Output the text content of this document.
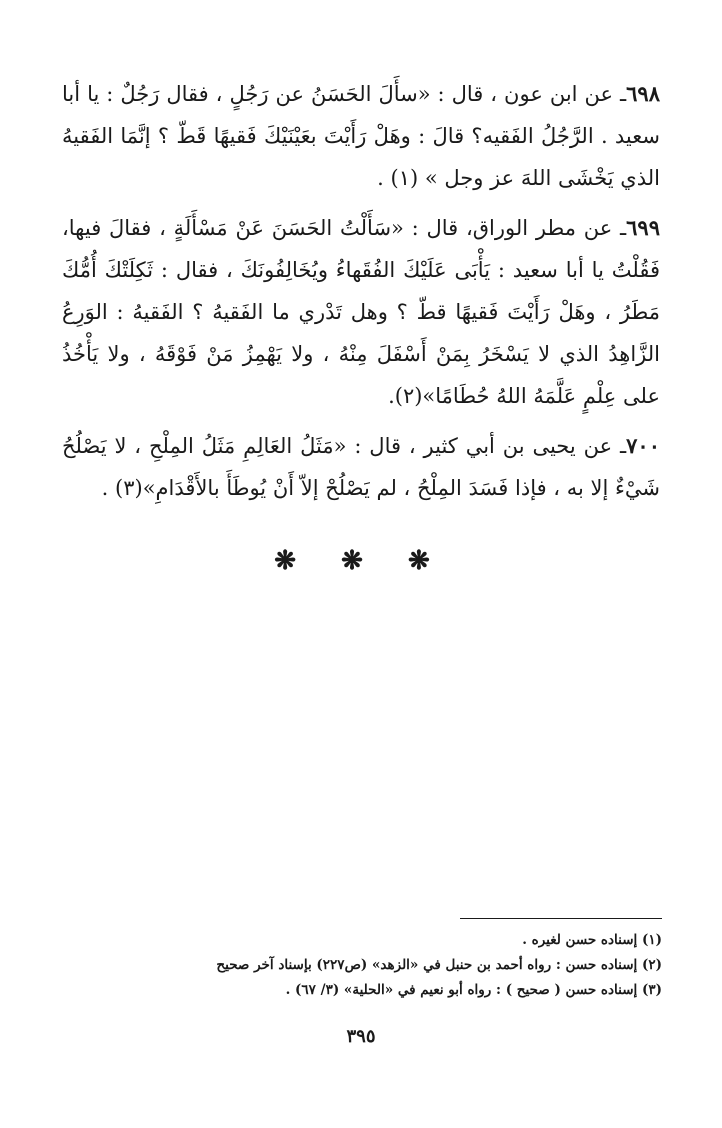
٦٩٨ـ عن ابن عون ، قال : «سأَلَ الحَسَنُ عن رَجُلٍ ، فقال رَجُلٌ : يا أبا سعيد . الرَّجُلُ الفَقيه؟ قالَ : وهَلْ رَأَيْتَ بعَيْنَيْكَ فَقيهًا قَطّ ؟ إنَّمَا الفَقيهُ الذي يَخْشَى اللهَ عز وجل » (١) .
٦٩٩ـ عن مطر الوراق، قال : «سَأَلْتُ الحَسَنَ عَنْ مَسْأَلَةٍ ، فقالَ فيها، فَقُلْتُ يا أبا سعيد : يَأْبَى عَلَيْكَ الفُقَهاءُ ويُخَالِفُونَكَ ، فقال : ثَكِلَتْكَ أُمُّكَ مَطَرُ ، وهَلْ رَأَيْتَ فَقيهًا قطّ ؟ وهل تَدْري ما الفَقيهُ ؟ الفَقيهُ : الوَرِعُ الزَّاهِدُ الذي لا يَسْخَرُ بِمَنْ أَسْفَلَ مِنْهُ ، ولا يَهْمِزُ مَنْ فَوْقَهُ ، ولا يَأْخُذُ على عِلْمٍ عَلَّمَهُ اللهُ حُطَامًا»(٢).
٧٠٠ـ عن يحيى بن أبي كثير ، قال : «مَثَلُ العَالِمِ مَثَلُ المِلْحِ ، لا يَصْلُحُ شَيْءٌ إلا به ، فإذا فَسَدَ المِلْحُ ، لم يَصْلُحْ إلاّ أَنْ يُوطَأَ بالأَقْدَامِ»(٣) .
❋ ❋ ❋
(١) إسناده حسن لغيره .
(٢) إسناده حسن : رواه أحمد بن حنبل في «الزهد» (ص٢٢٧) بإسناد آخر صحيح
(٣) إسناده حسن ( صحيح ) : رواه أبو نعيم في «الحلية» (٣/ ٦٧) .
٣٩٥
